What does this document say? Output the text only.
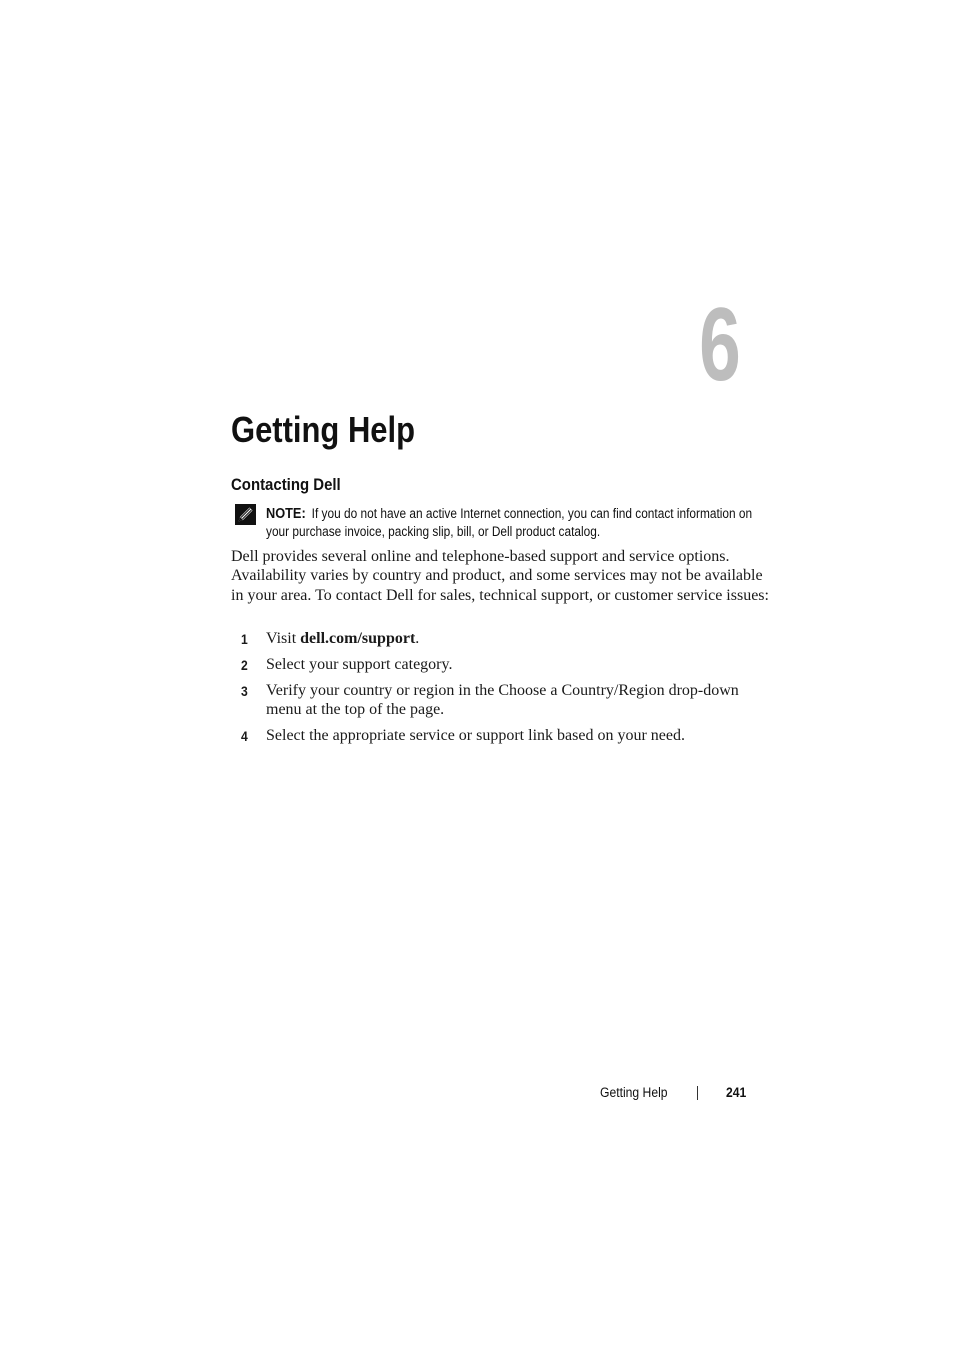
6
Getting Help
Contacting Dell
NOTE: If you do not have an active Internet connection, you can find contact information on your purchase invoice, packing slip, bill, or Dell product catalog.

Dell provides several online and telephone-based support and service options. Availability varies by country and product, and some services may not be available in your area. To contact Dell for sales, technical support, or customer service issues:

1 Visit dell.com/support.
2 Select your support category.
3 Verify your country or region in the Choose a Country/Region drop-down menu at the top of the page.
4 Select the appropriate service or support link based on your need.
Getting Help	241
